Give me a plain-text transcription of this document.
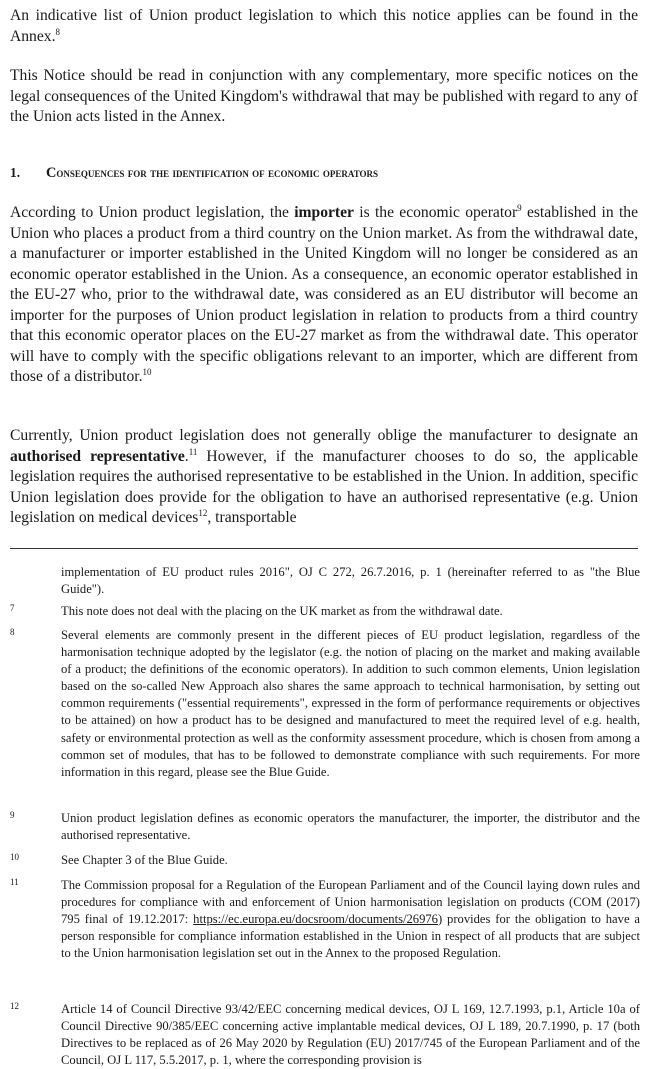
An indicative list of Union product legislation to which this notice applies can be found in the Annex.$^8$

This Notice should be read in conjunction with any complementary, more specific notices on the legal consequences of the United Kingdom's withdrawal that may be published with regard to any of the Union acts listed in the Annex.

1. Consequences for the identification of economic operators

According to Union product legislation, the importer is the economic operator$^9$ established in the Union who places a product from a third country on the Union market. As from the withdrawal date, a manufacturer or importer established in the United Kingdom will no longer be considered as an economic operator established in the Union. As a consequence, an economic operator established in the EU-27 who, prior to the withdrawal date, was considered as an EU distributor will become an importer for the purposes of Union product legislation in relation to products from a third country that this economic operator places on the EU-27 market as from the withdrawal date. This operator will have to comply with the specific obligations relevant to an importer, which are different from those of a distributor.$^{10}$

Currently, Union product legislation does not generally oblige the manufacturer to designate an authorised representative.$^{11}$ However, if the manufacturer chooses to do so, the applicable legislation requires the authorised representative to be established in the Union. In addition, specific Union legislation does provide for the obligation to have an authorised representative (e.g. Union legislation on medical devices$^{12}$, transportable

implementation of EU product rules 2016", OJ C 272, 26.7.2016, p. 1 (hereinafter referred to as "the Blue Guide").
7	This note does not deal with the placing on the UK market as from the withdrawal date.
8	Several elements are commonly present in the different pieces of EU product legislation, regardless of the harmonisation technique adopted by the legislator (e.g. the notion of placing on the market and making available of a product; the definitions of the economic operators). In addition to such common elements, Union legislation based on the so-called New Approach also shares the same approach to technical harmonisation, by setting out common requirements ("essential requirements", expressed in the form of performance requirements or objectives to be attained) on how a product has to be designed and manufactured to meet the required level of e.g. health, safety or environmental protection as well as the conformity assessment procedure, which is chosen from among a common set of modules, that has to be followed to demonstrate compliance with such requirements. For more information in this regard, please see the Blue Guide.
9	Union product legislation defines as economic operators the manufacturer, the importer, the distributor and the authorised representative.
10	See Chapter 3 of the Blue Guide.
11	The Commission proposal for a Regulation of the European Parliament and of the Council laying down rules and procedures for compliance with and enforcement of Union harmonisation legislation on products (COM (2017) 795 final of 19.12.2017: https://ec.europa.eu/docsroom/documents/26976) provides for the obligation to have a person responsible for compliance information established in the Union in respect of all products that are subject to the Union harmonisation legislation set out in the Annex to the proposed Regulation.
12	Article 14 of Council Directive 93/42/EEC concerning medical devices, OJ L 169, 12.7.1993, p.1, Article 10a of Council Directive 90/385/EEC concerning active implantable medical devices, OJ L 189, 20.7.1990, p. 17 (both Directives to be replaced as of 26 May 2020 by Regulation (EU) 2017/745 of the European Parliament and of the Council, OJ L 117, 5.5.2017, p. 1, where the corresponding provision is
